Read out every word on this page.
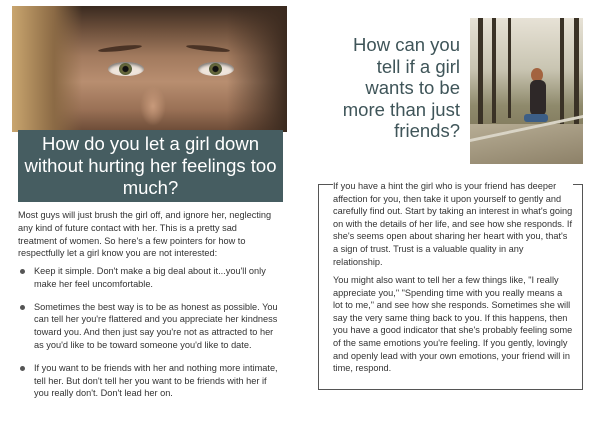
How do you let a girl down without hurting her feelings too much?
Most guys will just brush the girl off, and ignore her, neglecting any kind of future contact with her. This is a pretty sad treatment of women. So here's a few pointers for how to respectfully let a girl know you are not interested:
Keep it simple. Don't make a big deal about it...you'll only make her feel uncomfortable.
Sometimes the best way is to be as honest as possible. You can tell her you're flattered and you appreciate her kindness toward you. And then just say you're not as attracted to her as you'd like to be toward someone you'd like to date.
If you want to be friends with her and nothing more intimate, tell her. But don't tell her you want to be friends with her if you really don't. Don't lead her on.
How can you tell if a girl wants to be more than just friends?
If you have a hint the girl who is your friend has deeper affection for you, then take it upon yourself to gently and carefully find out. Start by taking an interest in what's going on with the details of her life, and see how she responds. If she's seems open about sharing her heart with you, that's a sign of trust. Trust is a valuable quality in any relationship.
You might also want to tell her a few things like, "I really appreciate you," "Spending time with you really means a lot to me," and see how she responds. Sometimes she will say the very same thing back to you. If this happens, then you have a good indicator that she's probably feeling some of the same emotions you're feeling. If you gently, lovingly and openly lead with your own emotions, your friend will in time, respond.
